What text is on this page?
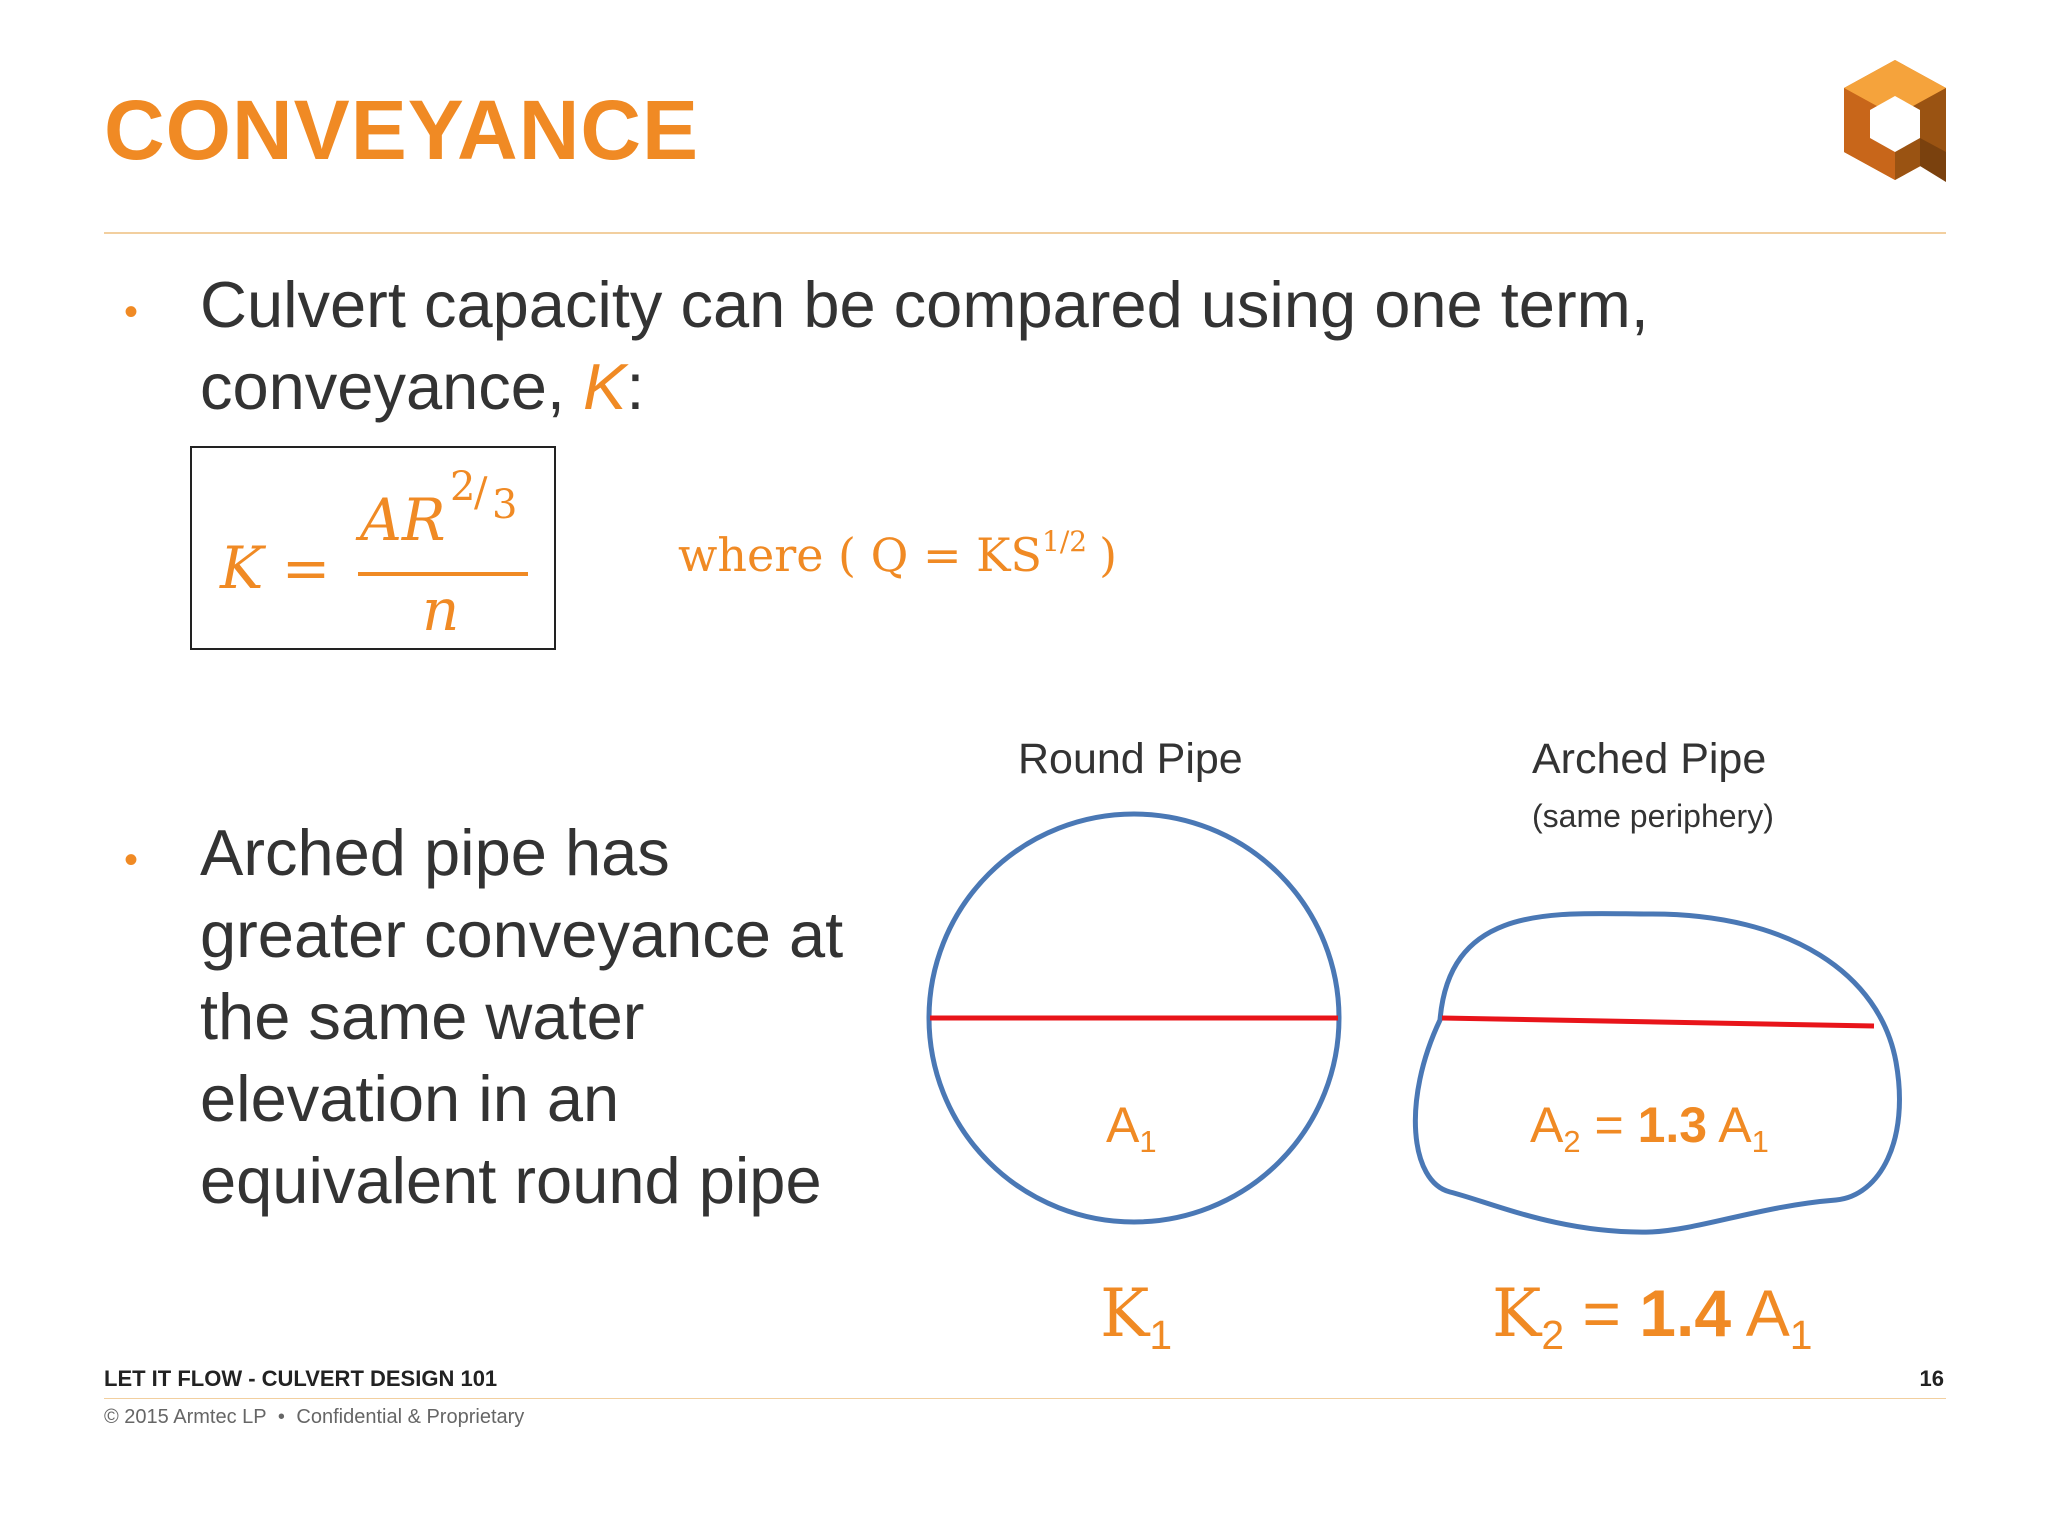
CONVEYANCE
• Culvert capacity can be compared using one term,
conveyance, K:
K =
AR 2
/ 3
n
where ( $Q = KS^{1/2}$ )
• Arched pipe has
greater conveyance at
the same water
elevation in an
equivalent round pipe
Round Pipe	Arched Pipe
(same periphery)
$A_1$	$A_2 = 1.3$ $A_1$
$K_1$	$K_2 = 1.4$ $A_1$
LET IT FLOW - CULVERT DESIGN 101	16
© 2015 Armtec LP • Confidential & Proprietary
